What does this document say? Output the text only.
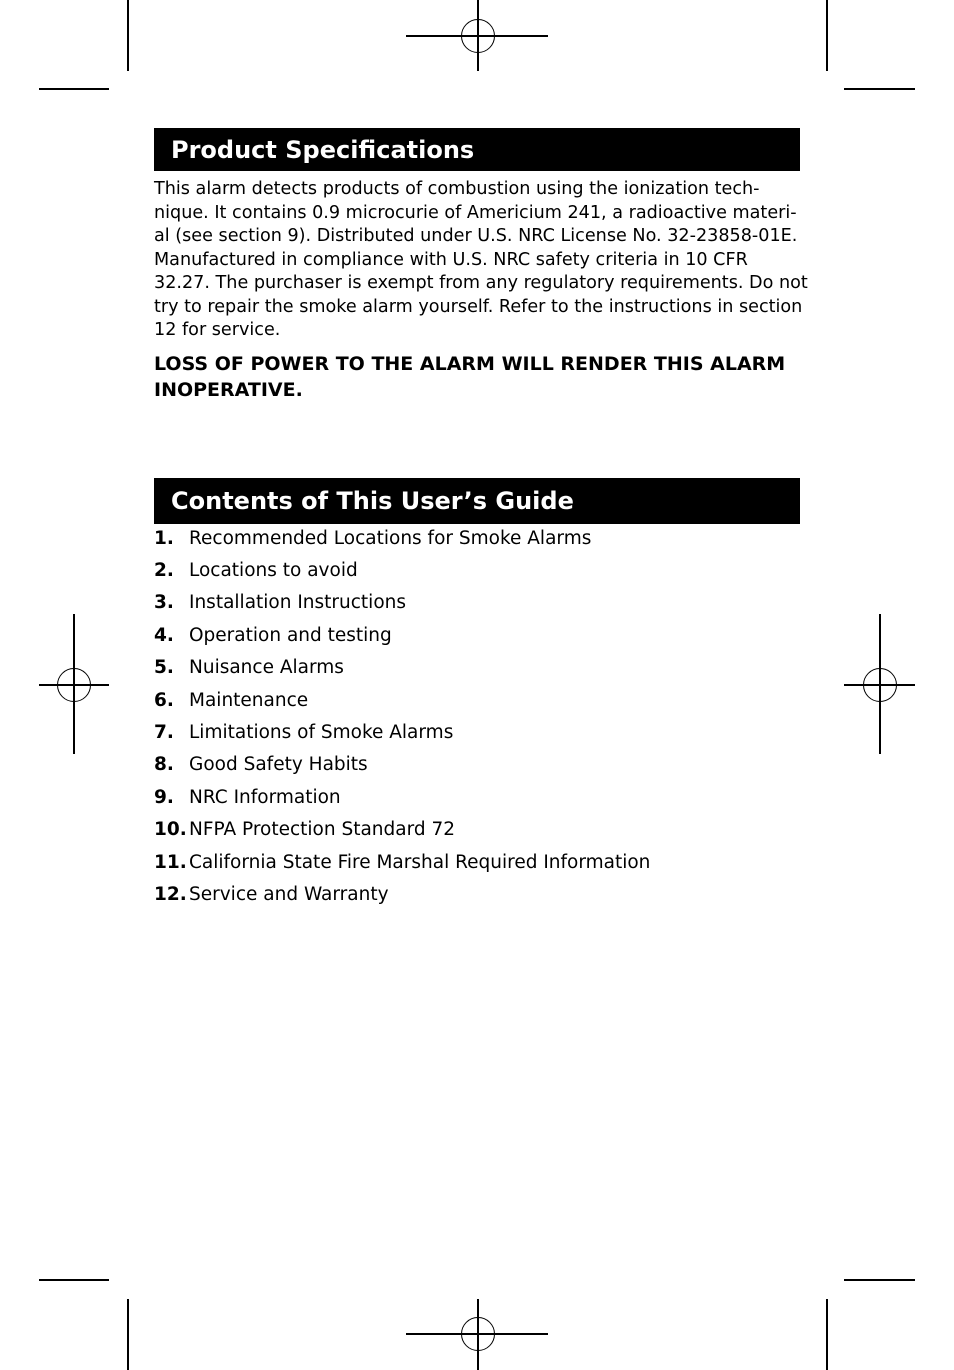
Product Specifications

This alarm detects products of combustion using the ionization tech- nique. It contains 0.9 microcurie of Americium 241, a radioactive materi- al (see section 9). Distributed under U.S. NRC License No. 32-23858-01E. Manufactured in compliance with U.S. NRC safety criteria in 10 CFR 32.27. The purchaser is exempt from any regulatory requirements. Do not try to repair the smoke alarm yourself. Refer to the instructions in section 12 for service.

LOSS OF POWER TO THE ALARM WILL RENDER THIS ALARM INOPERATIVE.

Contents of This User’s Guide
1. Recommended Locations for Smoke Alarms
2. Locations to avoid
3. Installation Instructions
4. Operation and testing
5. Nuisance Alarms
6. Maintenance
7. Limitations of Smoke Alarms
8. Good Safety Habits
9. NRC Information
10. NFPA Protection Standard 72
11. California State Fire Marshal Required Information
12. Service and Warranty
